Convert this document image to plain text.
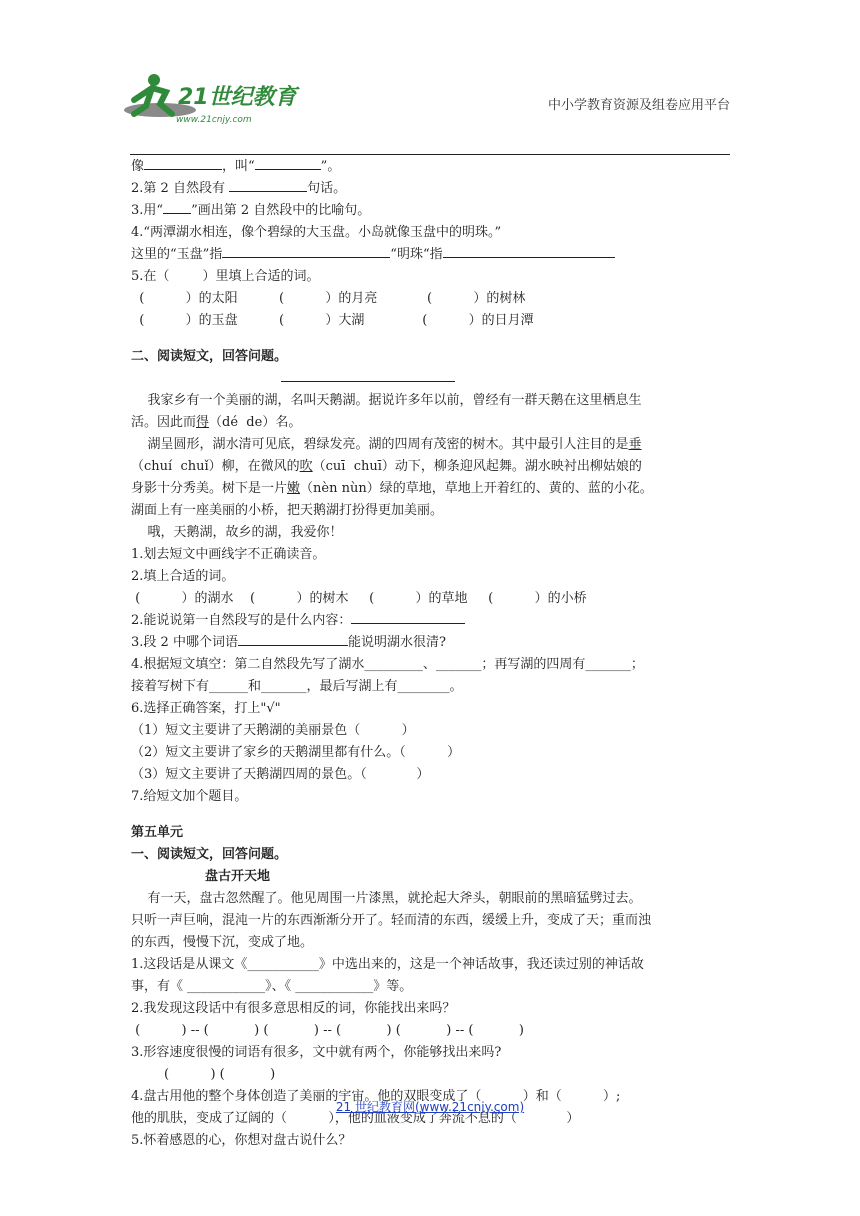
21世纪教育
www.21cnjy.com
中小学教育资源及组卷应用平台
像	，叫“	”。
2.第 2 自然段有	句话。
3.用“ ”画出第 2 自然段中的比喻句。
4.“两潭湖水相连，像个碧绿的大玉盘。小岛就像玉盘中的明珠。”
这里的“玉盘”指	“明珠“指
5.在（        ）里填上合适的词。
(          ）的太阳          (          ）的月亮            (          ）的树林
(          ）的玉盘          (          ）大湖              (          ）的日月潭
二、阅读短文，回答问题。
我家乡有一个美丽的湖，名叫天鹅湖。据说许多年以前，曾经有一群天鹅在这里栖息生
活。因此而得（dé  de）名。
湖呈圆形，湖水清可见底，碧绿发亮。湖的四周有茂密的树木。其中最引人注目的是垂
（chuí  chuǐ）柳，在微风的吹（cuī  chuī）动下，柳条迎风起舞。湖水映衬出柳姑娘的
身影十分秀美。树下是一片嫩（nèn nùn）绿的草地，草地上开着红的、黄的、蓝的小花。
湖面上有一座美丽的小桥，把天鹅湖打扮得更加美丽。
哦，天鹅湖，故乡的湖，我爱你！
1.划去短文中画线字不正确读音。
2.填上合适的词。
(          ）的湖水    (          ）的树木     (          ）的草地     (          ）的小桥
2.能说说第一自然段写的是什么内容：
3.段 2 中哪个词语	能说明湖水很清?
4.根据短文填空：第二自然段先写了湖水_________、_______；再写湖的四周有_______；
接着写树下有______和_______，最后写湖上有________。
6.选择正确答案，打上"√"
（1）短文主要讲了天鹅湖的美丽景色（          ）
（2）短文主要讲了家乡的天鹅湖里都有什么。（          ）
（3）短文主要讲了天鹅湖四周的景色。（            ）
7.给短文加个题目。
第五单元
一、阅读短文，回答问题。
盘古开天地
有一天，盘古忽然醒了。他见周围一片漆黑，就抡起大斧头，朝眼前的黑暗猛劈过去。
只听一声巨响，混沌一片的东西渐渐分开了。轻而清的东西，缓缓上升，变成了天；重而浊
的东西，慢慢下沉，变成了地。
1.这段话是从课文《___________》中选出来的，这是一个神话故事，我还读过别的神话故
事，有《 ____________》、《 ____________》等。
2.我发现这段话中有很多意思相反的词，你能找出来吗？
(          ) -- (           ) (           ) -- (           ) (           ) -- (           )
3.形容速度很慢的词语有很多，文中就有两个，你能够找出来吗?
(          ) (           )
4.盘古用他的整个身体创造了美丽的宇宙。他的双眼变成了（          ）和（          ）;
他的肌肤，变成了辽阔的（          ），他的血液变成了奔流不息的（            ）
5.怀着感恩的心，你想对盘古说什么？
21 世纪教育网(www.21cnjy.com)
